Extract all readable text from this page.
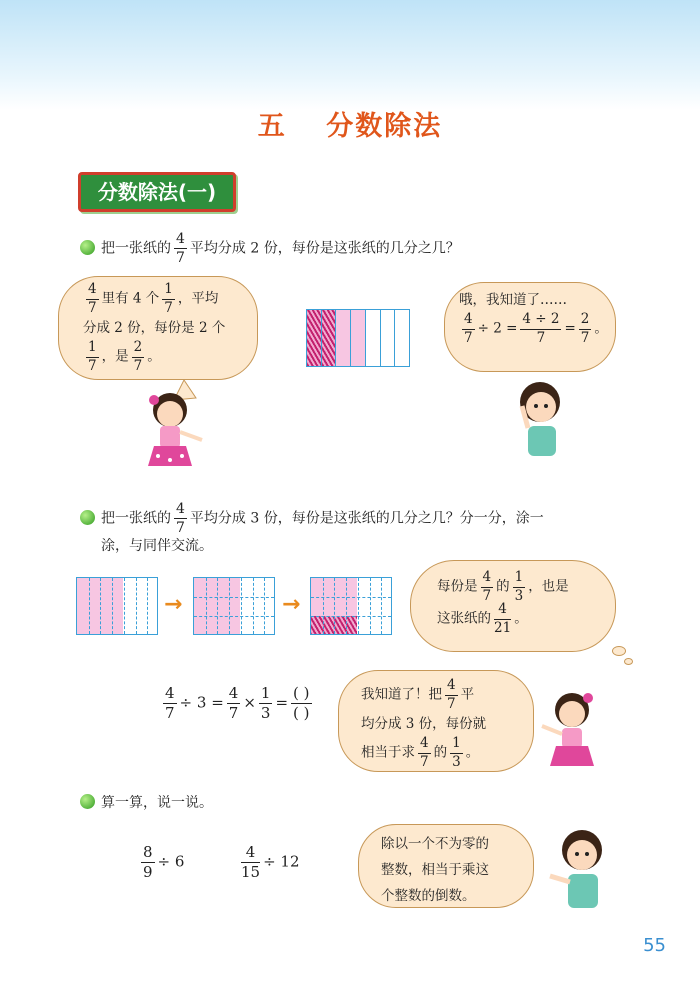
五 分数除法
分数除法(一)
把一张纸的 $\frac{4}{7}$ 平均分成 2 份，每份是这张纸的几分之几？
$\frac{4}{7}$ 里有 4 个 $\frac{1}{7}$ ，平均
分成 2 份，每份是 2 个
$\frac{1}{7}$ ，是 $\frac{2}{7}$ 。
哦，我知道了……
$\frac{4}{7} \div 2 = \frac{4 \div 2}{7} = \frac{2}{7}$ 。
把一张纸的 $\frac{4}{7}$ 平均分成 3 份，每份是这张纸的几分之几？分一分，涂一
涂，与同伴交流。
→	→
每份是 $\frac{4}{7}$ 的 $\frac{1}{3}$ ，也是
这张纸的 $\frac{4}{21}$ 。
$\frac{4}{7} \div 3 = \frac{4}{7} \times \frac{1}{3} = \frac{( )}{( )}$	我知道了！把 $\frac{4}{7}$ 平
均分成 3 份，每份就
相当于求 $\frac{4}{7}$ 的 $\frac{1}{3}$ 。
算一算，说一说。
$\frac{8}{9} \div 6$	$\frac{4}{15} \div 12$
除以一个不为零的
整数，相当于乘这
个整数的倒数。
55
